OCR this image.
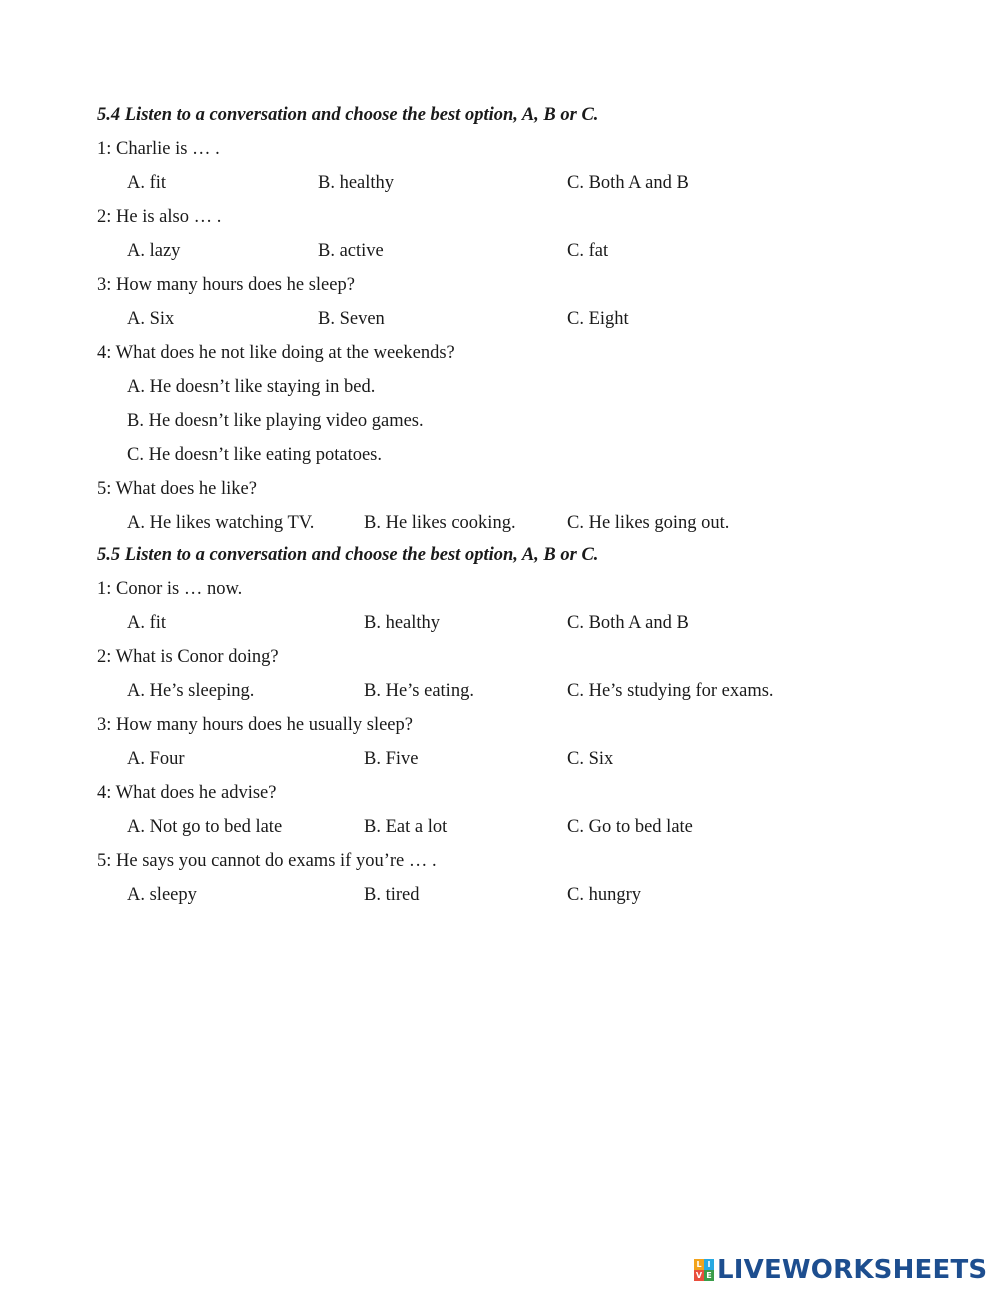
5.4 Listen to a conversation and choose the best option, A, B or C.
1: Charlie is … .
A. fit	B. healthy	C. Both A and B
2: He is also … .
A. lazy	B. active	C. fat
3: How many hours does he sleep?
A. Six	B. Seven	C. Eight
4: What does he not like doing at the weekends?
A. He doesn’t like staying in bed.
B. He doesn’t like playing video games.
C. He doesn’t like eating potatoes.
5: What does he like?
A. He likes watching TV.	B. He likes cooking.	C. He likes going out.
5.5 Listen to a conversation and choose the best option, A, B or C.
1: Conor is … now.
A. fit	B. healthy	C. Both A and B
2: What is Conor doing?
A. He’s sleeping.	B. He’s eating.	C. He’s studying for exams.
3: How many hours does he usually sleep?
A. Four	B. Five	C. Six
4: What does he advise?
A. Not go to bed late	B. Eat a lot	C. Go to bed late
5: He says you cannot do exams if you’re … .
A. sleepy	B. tired	C. hungry
L I
V E LIVEWORKSHEETS
